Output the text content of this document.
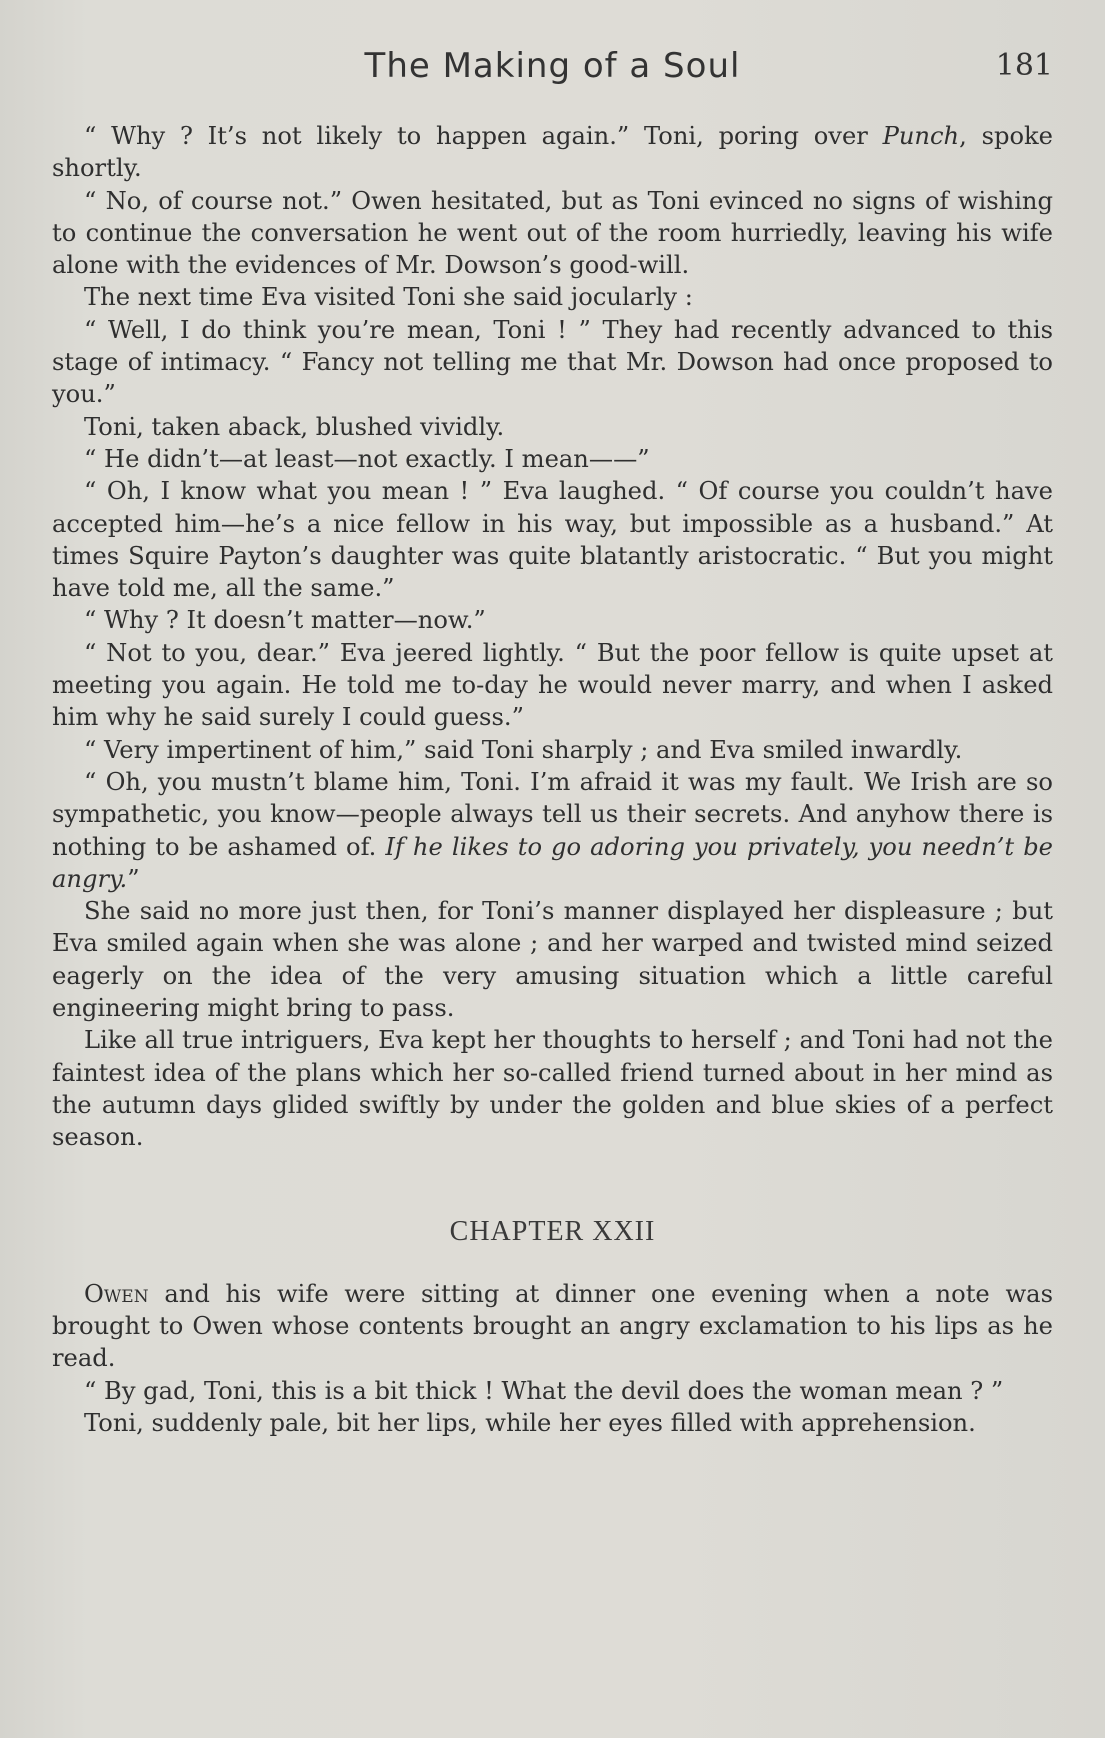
The Making of a Soul	181

“ Why ? It’s not likely to happen again.” Toni, poring over Punch, spoke shortly.

“ No, of course not.” Owen hesitated, but as Toni evinced no signs of wishing to continue the conversation he went out of the room hurriedly, leaving his wife alone with the evidences of Mr. Dowson’s good-will.

The next time Eva visited Toni she said jocularly :

“ Well, I do think you’re mean, Toni ! ” They had recently advanced to this stage of intimacy. “ Fancy not telling me that Mr. Dowson had once proposed to you.”

Toni, taken aback, blushed vividly.

“ He didn’t—at least—not exactly. I mean——”

“ Oh, I know what you mean ! ” Eva laughed. “ Of course you couldn’t have accepted him—he’s a nice fellow in his way, but impossible as a husband.” At times Squire Payton’s daughter was quite blatantly aristocratic. “ But you might have told me, all the same.”

“ Why ? It doesn’t matter—now.”

“ Not to you, dear.” Eva jeered lightly. “ But the poor fellow is quite upset at meeting you again. He told me to-day he would never marry, and when I asked him why he said surely I could guess.”

“ Very impertinent of him,” said Toni sharply ; and Eva smiled inwardly.

“ Oh, you mustn’t blame him, Toni. I’m afraid it was my fault. We Irish are so sympathetic, you know—people always tell us their secrets. And anyhow there is nothing to be ashamed of. If he likes to go adoring you privately, you needn’t be angry.”

She said no more just then, for Toni’s manner displayed her displeasure ; but Eva smiled again when she was alone ; and her warped and twisted mind seized eagerly on the idea of the very amusing situation which a little careful engineering might bring to pass.

Like all true intriguers, Eva kept her thoughts to herself ; and Toni had not the faintest idea of the plans which her so-called friend turned about in her mind as the autumn days glided swiftly by under the golden and blue skies of a perfect season.

CHAPTER XXII

Owen and his wife were sitting at dinner one evening when a note was brought to Owen whose contents brought an angry exclamation to his lips as he read.

“ By gad, Toni, this is a bit thick ! What the devil does the woman mean ? ”

Toni, suddenly pale, bit her lips, while her eyes filled with apprehension.
